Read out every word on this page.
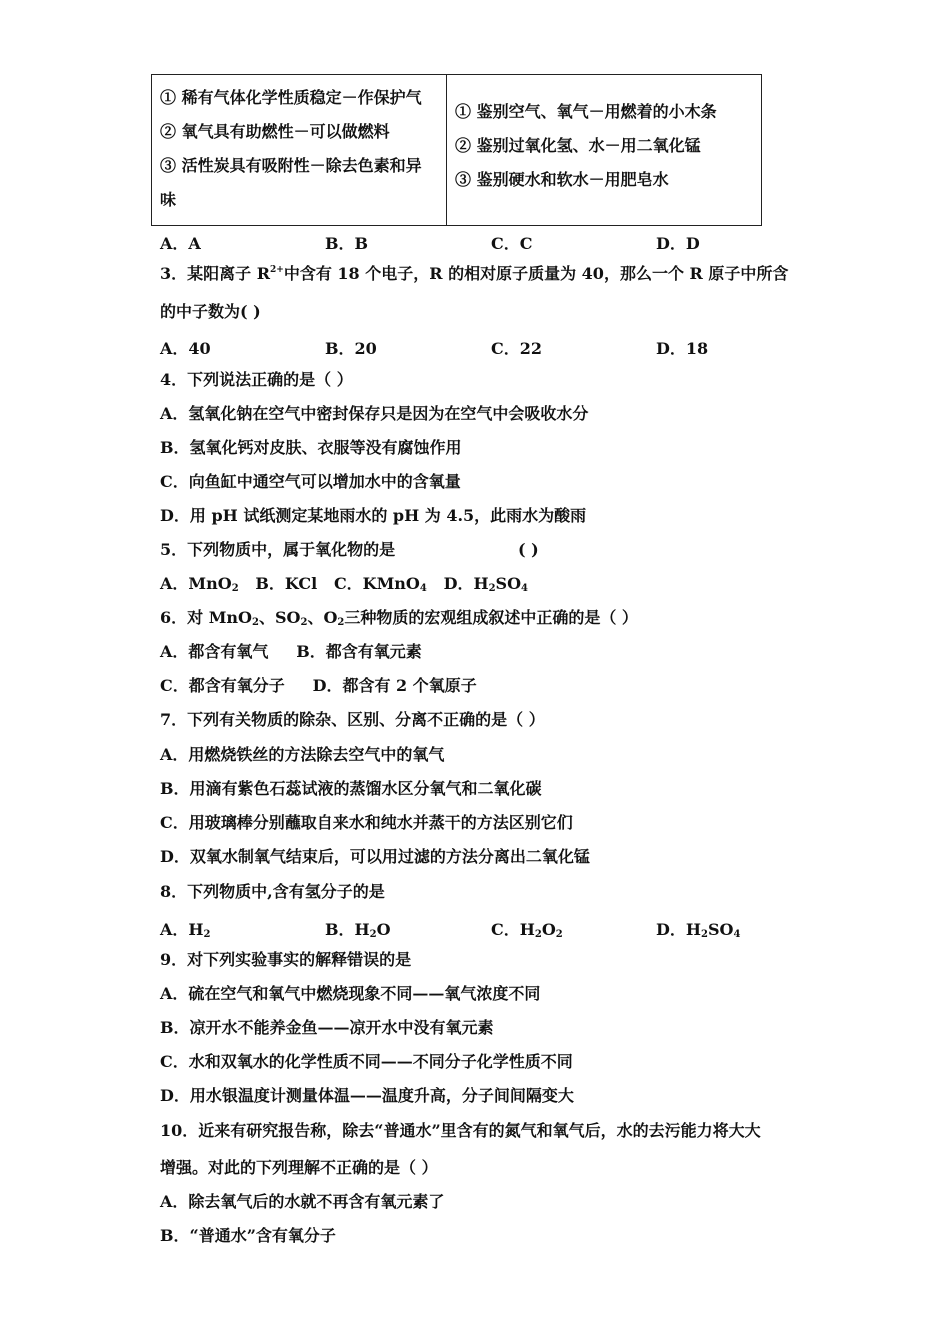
① 稀有气体化学性质稳定－作保护气
② 氧气具有助燃性－可以做燃料
③ 活性炭具有吸附性－除去色素和异
味

① 鉴别空气、氧气－用燃着的小木条
② 鉴别过氧化氢、水－用二氧化锰
③ 鉴别硬水和软水－用肥皂水
A．A	B．B	C．C	D．D
3．某阳离子 $R^{2+}$中含有 18 个电子，R 的相对原子质量为 40，那么一个 R 原子中所含
的中子数为( )
A．40	B．20	C．22	D．18
4．下列说法正确的是（ ）
A．氢氧化钠在空气中密封保存只是因为在空气中会吸收水分
B．氢氧化钙对皮肤、衣服等没有腐蚀作用
C．向鱼缸中通空气可以增加水中的含氧量
D．用 pH 试纸测定某地雨水的 pH 为 4.5，此雨水为酸雨
5．下列物质中，属于氧化物的是	( )
A．MnO$_2$ B．KCl C．KMnO$_4$ D．$H_2SO_4$
6．对 MnO$_2$、$SO_2$、$O_2$三种物质的宏观组成叙述中正确的是（ ）
A．都含有氧气     B．都含有氧元素
C．都含有氧分子     D．都含有 2 个氧原子
7．下列有关物质的除杂、区别、分离不正确的是（ ）
A．用燃烧铁丝的方法除去空气中的氧气
B．用滴有紫色石蕊试液的蒸馏水区分氧气和二氧化碳
C．用玻璃棒分别蘸取自来水和纯水并蒸干的方法区别它们
D．双氧水制氧气结束后，可以用过滤的方法分离出二氧化锰
8．下列物质中,含有氢分子的是
A．$H_2$	B．$H_2O$	C．$H_2O_2$	D．$H_2SO_4$
9．对下列实验事实的解释错误的是
A．硫在空气和氧气中燃烧现象不同——氧气浓度不同
B．凉开水不能养金鱼——凉开水中没有氧元素
C．水和双氧水的化学性质不同——不同分子化学性质不同
D．用水银温度计测量体温——温度升高，分子间间隔变大
10．近来有研究报告称，除去“普通水”里含有的氮气和氧气后，水的去污能力将大大
增强。对此的下列理解不正确的是（ ）
A．除去氧气后的水就不再含有氧元素了
B．“普通水”含有氧分子
